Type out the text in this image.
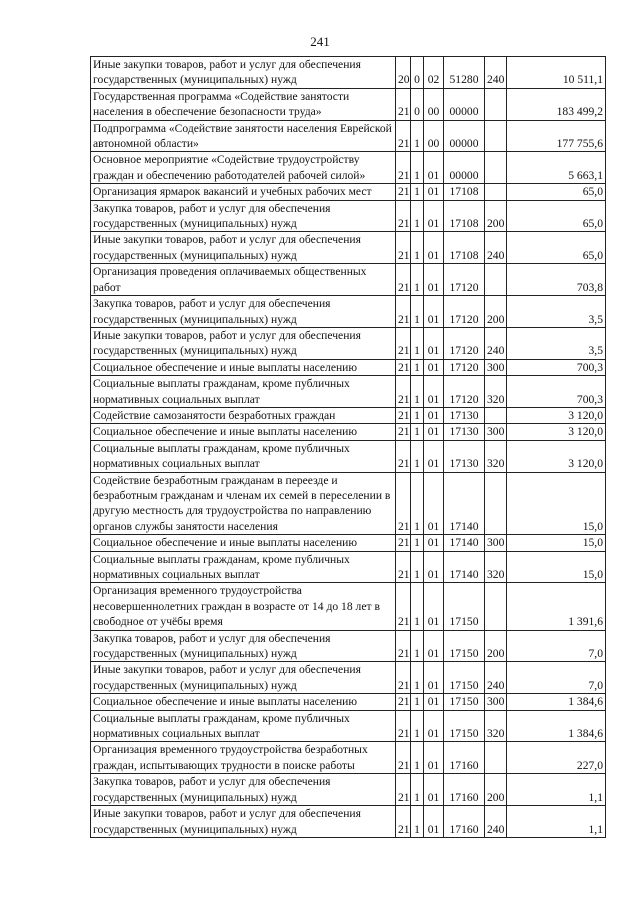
241
Иные закупки товаров, работ и услуг для обеспечения государственных (муниципальных) нужд	20	0	02	51280	240	10 511,1
Государственная программа «Содействие занятости населения в обеспечение безопасности труда»	21	0	00	00000		183 499,2
Подпрограмма «Содействие занятости населения Еврейской автономной области»	21	1	00	00000		177 755,6
Основное мероприятие «Содействие трудоустройству граждан и обеспечению работодателей рабочей силой»	21	1	01	00000		5 663,1
Организация ярмарок вакансий и учебных рабочих мест	21	1	01	17108		65,0
Закупка товаров, работ и услуг для обеспечения государственных (муниципальных) нужд	21	1	01	17108	200	65,0
Иные закупки товаров, работ и услуг для обеспечения государственных (муниципальных) нужд	21	1	01	17108	240	65,0
Организация проведения оплачиваемых общественных работ	21	1	01	17120		703,8
Закупка товаров, работ и услуг для обеспечения государственных (муниципальных) нужд	21	1	01	17120	200	3,5
Иные закупки товаров, работ и услуг для обеспечения государственных (муниципальных) нужд	21	1	01	17120	240	3,5
Социальное обеспечение и иные выплаты населению	21	1	01	17120	300	700,3
Социальные выплаты гражданам, кроме публичных нормативных социальных выплат	21	1	01	17120	320	700,3
Содействие самозанятости безработных граждан	21	1	01	17130		3 120,0
Социальное обеспечение и иные выплаты населению	21	1	01	17130	300	3 120,0
Социальные выплаты гражданам, кроме публичных нормативных социальных выплат	21	1	01	17130	320	3 120,0
Содействие безработным гражданам в переезде и безработным гражданам и членам их семей в переселении в другую местность для трудоустройства по направлению органов службы занятости населения	21	1	01	17140		15,0
Социальное обеспечение и иные выплаты населению	21	1	01	17140	300	15,0
Социальные выплаты гражданам, кроме публичных нормативных социальных выплат	21	1	01	17140	320	15,0
Организация временного трудоустройства несовершеннолетних граждан в возрасте от 14 до 18 лет в свободное от учёбы время	21	1	01	17150		1 391,6
Закупка товаров, работ и услуг для обеспечения государственных (муниципальных) нужд	21	1	01	17150	200	7,0
Иные закупки товаров, работ и услуг для обеспечения государственных (муниципальных) нужд	21	1	01	17150	240	7,0
Социальное обеспечение и иные выплаты населению	21	1	01	17150	300	1 384,6
Социальные выплаты гражданам, кроме публичных нормативных социальных выплат	21	1	01	17150	320	1 384,6
Организация временного трудоустройства безработных граждан, испытывающих трудности в поиске работы	21	1	01	17160		227,0
Закупка товаров, работ и услуг для обеспечения государственных (муниципальных) нужд	21	1	01	17160	200	1,1
Иные закупки товаров, работ и услуг для обеспечения государственных (муниципальных) нужд	21	1	01	17160	240	1,1
